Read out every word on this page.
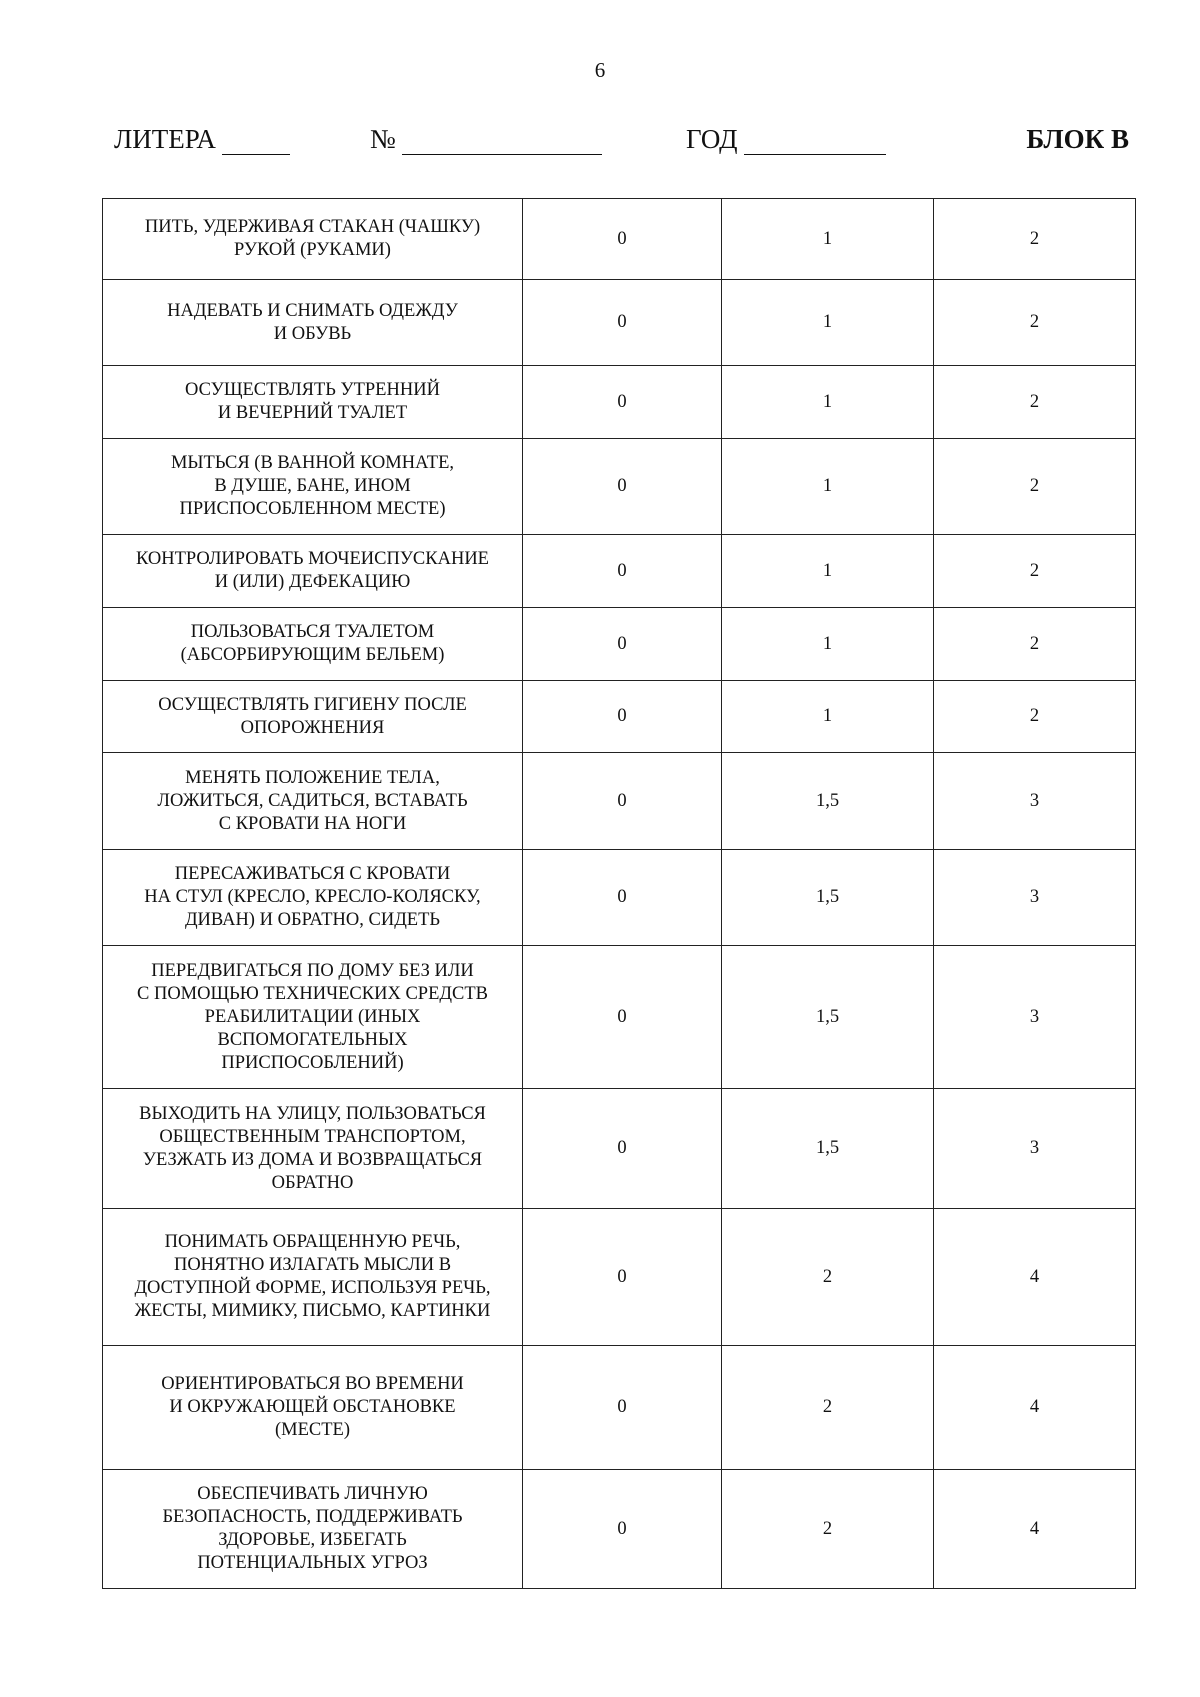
6
ЛИТЕРА	№	ГОД	БЛОК В
ПИТЬ, УДЕРЖИВАЯ СТАКАН (ЧАШКУ)
РУКОЙ (РУКАМИ)	0	1	2
НАДЕВАТЬ И СНИМАТЬ ОДЕЖДУ
И ОБУВЬ	0	1	2
ОСУЩЕСТВЛЯТЬ УТРЕННИЙ
И ВЕЧЕРНИЙ ТУАЛЕТ	0	1	2
МЫТЬСЯ (В ВАННОЙ КОМНАТЕ,
В ДУШЕ, БАНЕ, ИНОМ
ПРИСПОСОБЛЕННОМ МЕСТЕ)	0	1	2
КОНТРОЛИРОВАТЬ МОЧЕИСПУСКАНИЕ
И (ИЛИ) ДЕФЕКАЦИЮ	0	1	2
ПОЛЬЗОВАТЬСЯ ТУАЛЕТОМ
(АБСОРБИРУЮЩИМ БЕЛЬЕМ)	0	1	2
ОСУЩЕСТВЛЯТЬ ГИГИЕНУ ПОСЛЕ
ОПОРОЖНЕНИЯ	0	1	2
МЕНЯТЬ ПОЛОЖЕНИЕ ТЕЛА,
ЛОЖИТЬСЯ, САДИТЬСЯ, ВСТАВАТЬ
С КРОВАТИ НА НОГИ	0	1,5	3
ПЕРЕСАЖИВАТЬСЯ С КРОВАТИ
НА СТУЛ (КРЕСЛО, КРЕСЛО-КОЛЯСКУ,
ДИВАН) И ОБРАТНО, СИДЕТЬ	0	1,5	3
ПЕРЕДВИГАТЬСЯ ПО ДОМУ БЕЗ ИЛИ
С ПОМОЩЬЮ ТЕХНИЧЕСКИХ СРЕДСТВ
РЕАБИЛИТАЦИИ (ИНЫХ
ВСПОМОГАТЕЛЬНЫХ
ПРИСПОСОБЛЕНИЙ)	0	1,5	3
ВЫХОДИТЬ НА УЛИЦУ, ПОЛЬЗОВАТЬСЯ
ОБЩЕСТВЕННЫМ ТРАНСПОРТОМ,
УЕЗЖАТЬ ИЗ ДОМА И ВОЗВРАЩАТЬСЯ
ОБРАТНО	0	1,5	3
ПОНИМАТЬ ОБРАЩЕННУЮ РЕЧЬ,
ПОНЯТНО ИЗЛАГАТЬ МЫСЛИ В
ДОСТУПНОЙ ФОРМЕ, ИСПОЛЬЗУЯ РЕЧЬ,
ЖЕСТЫ, МИМИКУ, ПИСЬМО, КАРТИНКИ	0	2	4
ОРИЕНТИРОВАТЬСЯ ВО ВРЕМЕНИ
И ОКРУЖАЮЩЕЙ ОБСТАНОВКЕ
(МЕСТЕ)	0	2	4
ОБЕСПЕЧИВАТЬ ЛИЧНУЮ
БЕЗОПАСНОСТЬ, ПОДДЕРЖИВАТЬ
ЗДОРОВЬЕ, ИЗБЕГАТЬ
ПОТЕНЦИАЛЬНЫХ УГРОЗ	0	2	4
